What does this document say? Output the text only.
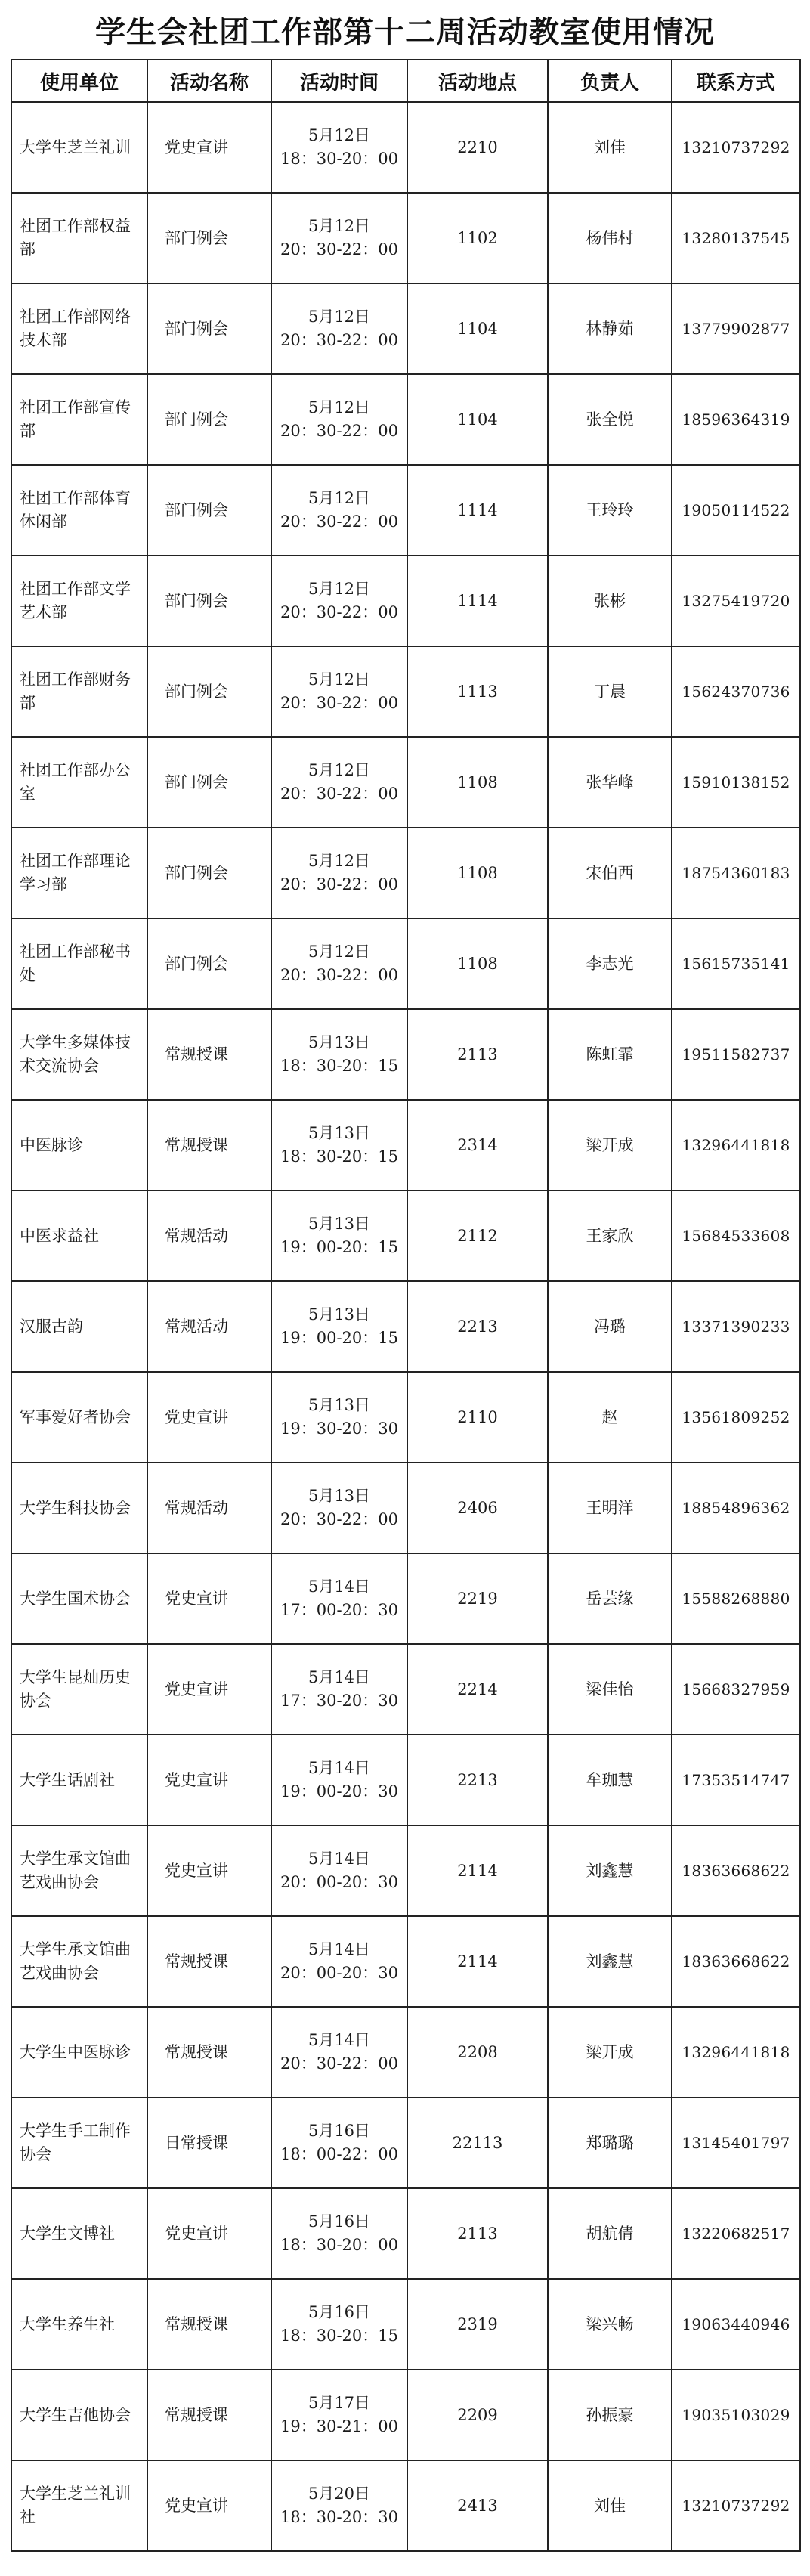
学生会社团工作部第十二周活动教室使用情况
使用单位	活动名称	活动时间	活动地点	负责人	联系方式
大学生芝兰礼训	党史宣讲	5月12日
18：30-20：00	2210	刘佳	13210737292
社团工作部权益部	部门例会	5月12日
20：30-22：00	1102	杨伟村	13280137545
社团工作部网络技术部	部门例会	5月12日
20：30-22：00	1104	林静茹	13779902877
社团工作部宣传部	部门例会	5月12日
20：30-22：00	1104	张全悦	18596364319
社团工作部体育休闲部	部门例会	5月12日
20：30-22：00	1114	王玲玲	19050114522
社团工作部文学艺术部	部门例会	5月12日
20：30-22：00	1114	张彬	13275419720
社团工作部财务部	部门例会	5月12日
20：30-22：00	1113	丁晨	15624370736
社团工作部办公室	部门例会	5月12日
20：30-22：00	1108	张华峰	15910138152
社团工作部理论学习部	部门例会	5月12日
20：30-22：00	1108	宋伯西	18754360183
社团工作部秘书处	部门例会	5月12日
20：30-22：00	1108	李志光	15615735141
大学生多媒体技术交流协会	常规授课	5月13日
18：30-20：15	2113	陈虹霏	19511582737
中医脉诊	常规授课	5月13日
18：30-20：15	2314	梁开成	13296441818
中医求益社	常规活动	5月13日
19：00-20：15	2112	王家欣	15684533608
汉服古韵	常规活动	5月13日
19：00-20：15	2213	冯璐	13371390233
军事爱好者协会	党史宣讲	5月13日
19：30-20：30	2110	赵	13561809252
大学生科技协会	常规活动	5月13日
20：30-22：00	2406	王明洋	18854896362
大学生国术协会	党史宣讲	5月14日
17：00-20：30	2219	岳芸缘	15588268880
大学生昆灿历史协会	党史宣讲	5月14日
17：30-20：30	2214	梁佳怡	15668327959
大学生话剧社	党史宣讲	5月14日
19：00-20：30	2213	牟珈慧	17353514747
大学生承文馆曲艺戏曲协会	党史宣讲	5月14日
20：00-20：30	2114	刘鑫慧	18363668622
大学生承文馆曲艺戏曲协会	常规授课	5月14日
20：00-20：30	2114	刘鑫慧	18363668622
大学生中医脉诊	常规授课	5月14日
20：30-22：00	2208	梁开成	13296441818
大学生手工制作协会	日常授课	5月16日
18：00-22：00	22113	郑璐璐	13145401797
大学生文博社	党史宣讲	5月16日
18：30-20：00	2113	胡航倩	13220682517
大学生养生社	常规授课	5月16日
18：30-20：15	2319	梁兴畅	19063440946
大学生吉他协会	常规授课	5月17日
19：30-21：00	2209	孙振豪	19035103029
大学生芝兰礼训社	党史宣讲	5月20日
18：30-20：30	2413	刘佳	13210737292
